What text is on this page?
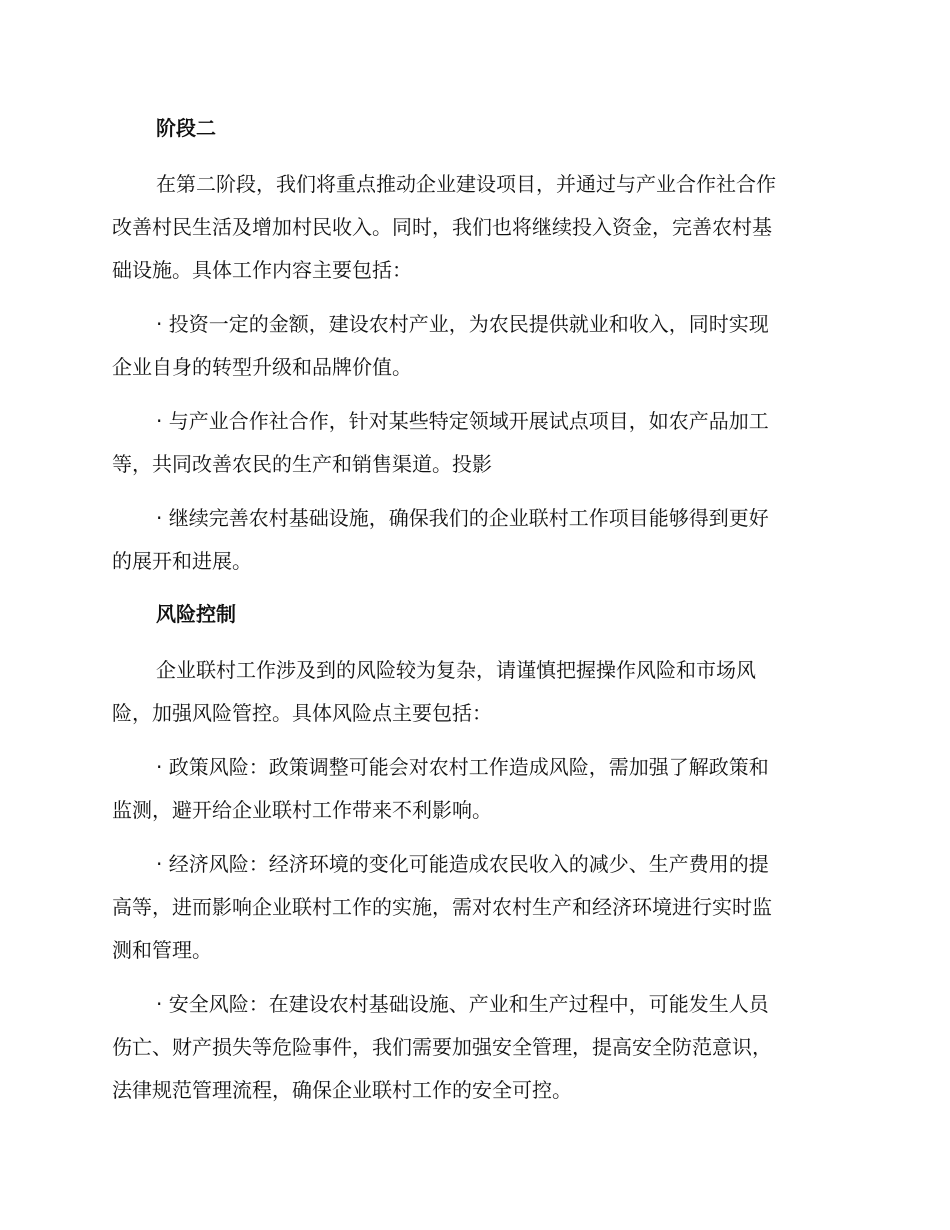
阶段二
在第二阶段，我们将重点推动企业建设项目，并通过与产业合作社合作
改善村民生活及增加村民收入。同时，我们也将继续投入资金，完善农村基
础设施。具体工作内容主要包括：
· 投资一定的金额，建设农村产业，为农民提供就业和收入，同时实现
企业自身的转型升级和品牌价值。
· 与产业合作社合作，针对某些特定领域开展试点项目，如农产品加工
等，共同改善农民的生产和销售渠道。投影
· 继续完善农村基础设施，确保我们的企业联村工作项目能够得到更好
的展开和进展。
风险控制
企业联村工作涉及到的风险较为复杂，请谨慎把握操作风险和市场风
险，加强风险管控。具体风险点主要包括：
· 政策风险：政策调整可能会对农村工作造成风险，需加强了解政策和
监测，避开给企业联村工作带来不利影响。
· 经济风险：经济环境的变化可能造成农民收入的减少、生产费用的提
高等，进而影响企业联村工作的实施，需对农村生产和经济环境进行实时监
测和管理。
· 安全风险：在建设农村基础设施、产业和生产过程中，可能发生人员
伤亡、财产损失等危险事件，我们需要加强安全管理，提高安全防范意识，
法律规范管理流程，确保企业联村工作的安全可控。
